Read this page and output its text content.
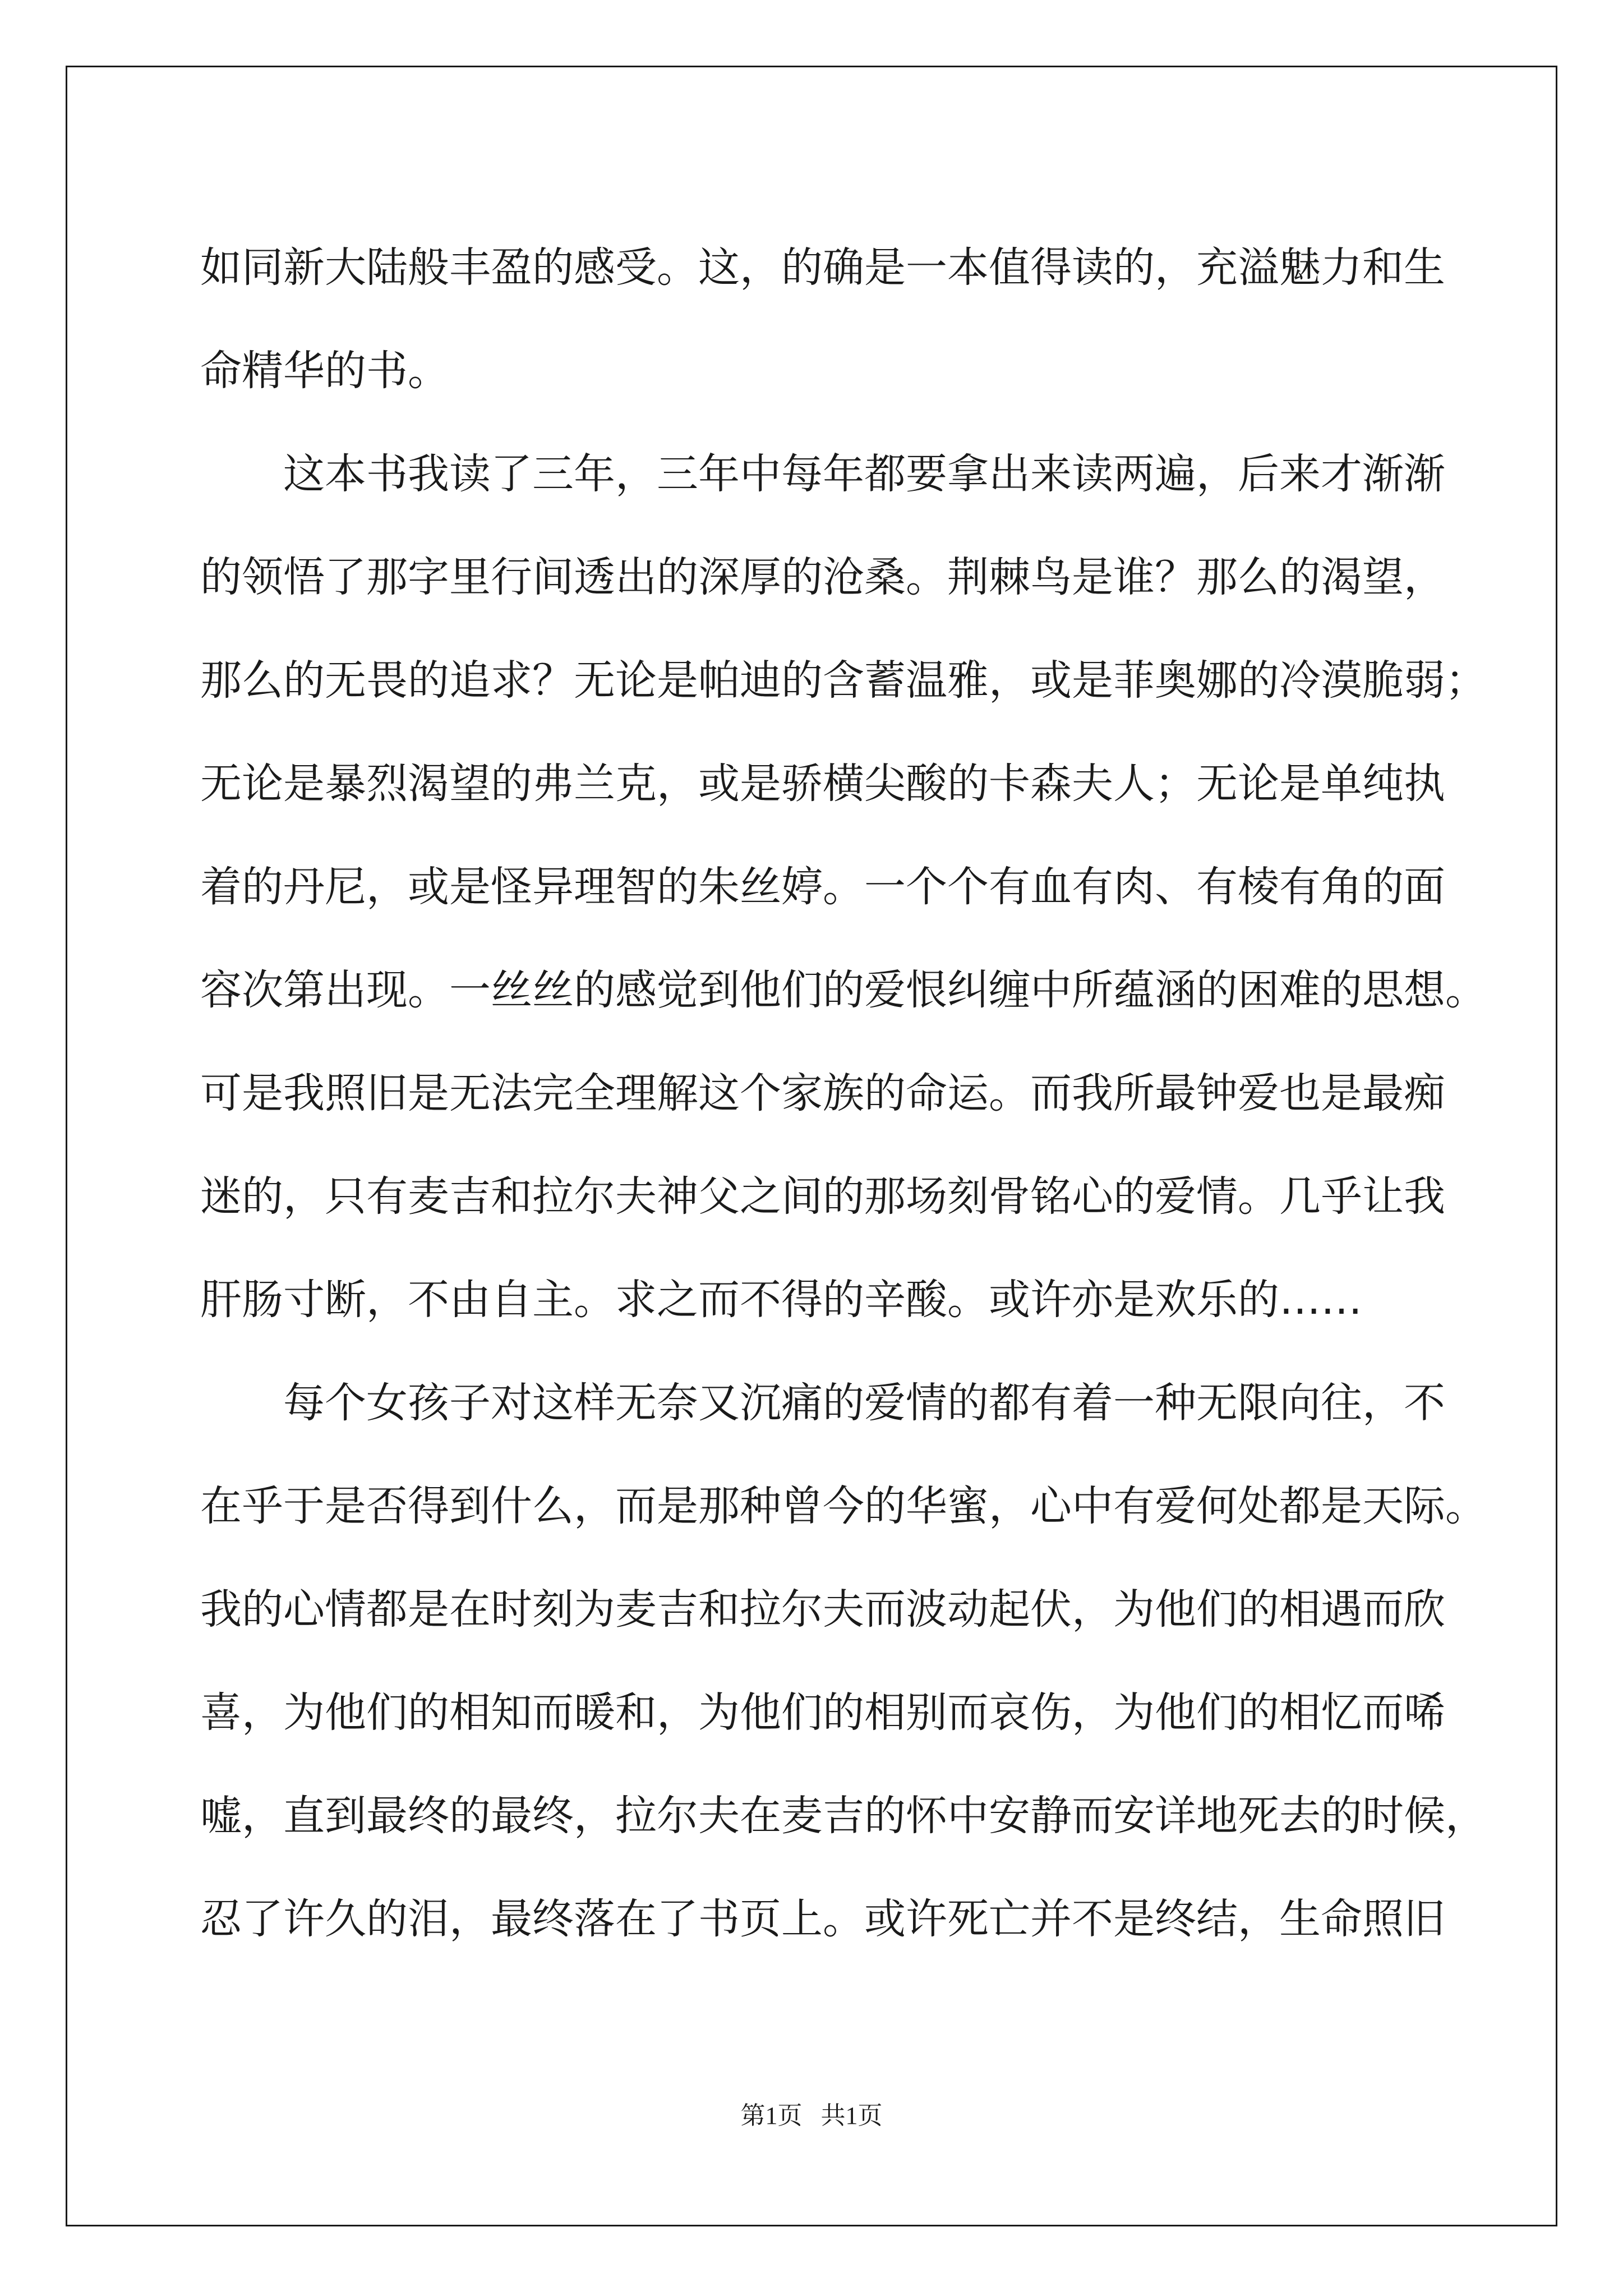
如同新大陆般丰盈的感受。这，的确是一本值得读的，充溢魅力和生
命精华的书。
这本书我读了三年，三年中每年都要拿出来读两遍，后来才渐渐
的领悟了那字里行间透出的深厚的沧桑。荆棘鸟是谁？那么的渴望，
那么的无畏的追求？无论是帕迪的含蓄温雅，或是菲奥娜的冷漠脆弱；
无论是暴烈渴望的弗兰克，或是骄横尖酸的卡森夫人；无论是单纯执
着的丹尼，或是怪异理智的朱丝婷。一个个有血有肉、有棱有角的面
容次第出现。一丝丝的感觉到他们的爱恨纠缠中所蕴涵的困难的思想。
可是我照旧是无法完全理解这个家族的命运。而我所最钟爱也是最痴
迷的，只有麦吉和拉尔夫神父之间的那场刻骨铭心的爱情。几乎让我
肝肠寸断，不由自主。求之而不得的辛酸。或许亦是欢乐的……
每个女孩子对这样无奈又沉痛的爱情的都有着一种无限向往，不
在乎于是否得到什么，而是那种曾今的华蜜，心中有爱何处都是天际。
我的心情都是在时刻为麦吉和拉尔夫而波动起伏，为他们的相遇而欣
喜，为他们的相知而暖和，为他们的相别而哀伤，为他们的相忆而唏
嘘，直到最终的最终，拉尔夫在麦吉的怀中安静而安详地死去的时候，
忍了许久的泪，最终落在了书页上。或许死亡并不是终结，生命照旧
第1页   共1页
